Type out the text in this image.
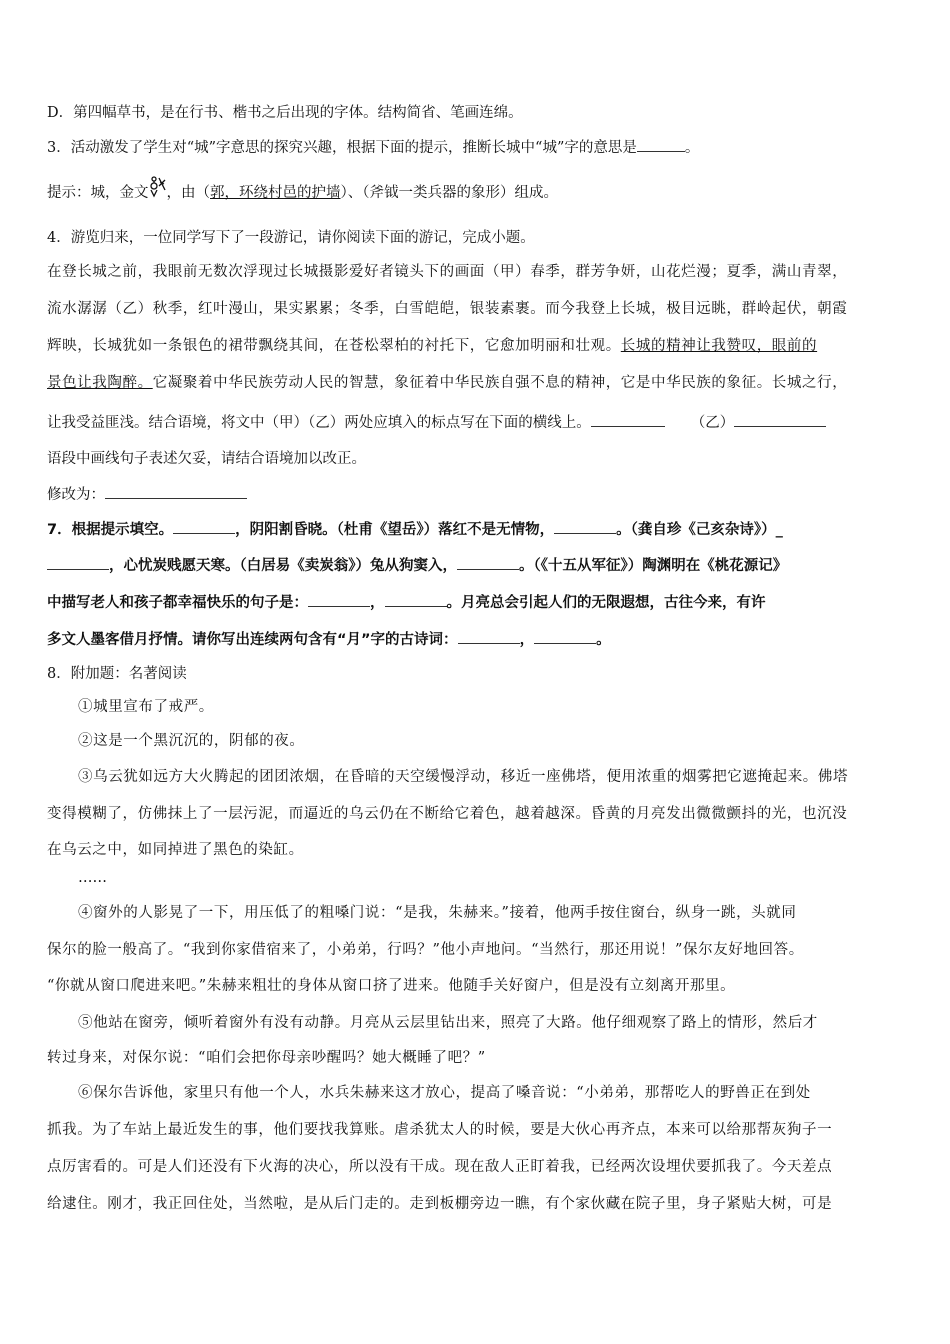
D．第四幅草书，是在行书、楷书之后出现的字体。结构简省、笔画连绵。
3．活动激发了学生对“城”字意思的探究兴趣，根据下面的提示，推断长城中“城”字的意思是	。
提示：城，金文 ，由（郭，环绕村邑的护墙）、（斧钺一类兵器的象形）组成。
4．游览归来，一位同学写下了一段游记，请你阅读下面的游记，完成小题。
在登长城之前，我眼前无数次浮现过长城摄影爱好者镜头下的画面（甲）春季，群芳争妍，山花烂漫；夏季，满山青翠，
流水潺潺（乙）秋季，红叶漫山，果实累累；冬季，白雪皑皑，银装素裹。而今我登上长城，极目远眺，群岭起伏，朝霞
辉映，长城犹如一条银色的裙带飘绕其间，在苍松翠柏的衬托下，它愈加明丽和壮观。长城的精神让我赞叹，眼前的
景色让我陶醉。它凝聚着中华民族劳动人民的智慧，象征着中华民族自强不息的精神，它是中华民族的象征。长城之行，
让我受益匪浅。结合语境，将文中（甲）（乙）两处应填入的标点写在下面的横线上。	（乙）
语段中画线句子表述欠妥，请结合语境加以改正。
修改为：
7．根据提示填空。	，阴阳割昏晓。（杜甫《望岳》）落红不是无情物，	。（龚自珍《己亥杂诗》）_
，心忧炭贱愿天寒。（白居易《卖炭翁》）兔从狗窦入，	。（《十五从军征》）陶渊明在《桃花源记》
中描写老人和孩子都幸福快乐的句子是：	，	。月亮总会引起人们的无限遐想，古往今来，有许
多文人墨客借月抒情。请你写出连续两句含有“月”字的古诗词：	，	。
8．附加题：名著阅读
①城里宣布了戒严。
②这是一个黑沉沉的，阴郁的夜。
③乌云犹如远方大火腾起的团团浓烟，在昏暗的天空缓慢浮动，移近一座佛塔，便用浓重的烟雾把它遮掩起来。佛塔
变得模糊了，仿佛抹上了一层污泥，而逼近的乌云仍在不断给它着色，越着越深。昏黄的月亮发出微微颤抖的光，也沉没
在乌云之中，如同掉进了黑色的染缸。
……
④窗外的人影晃了一下，用压低了的粗嗓门说：“是我，朱赫来。”接着，他两手按住窗台，纵身一跳，头就同
保尔的脸一般高了。“我到你家借宿来了，小弟弟，行吗？”他小声地问。“当然行，那还用说！”保尔友好地回答。
“你就从窗口爬进来吧。”朱赫来粗壮的身体从窗口挤了进来。他随手关好窗户，但是没有立刻离开那里。
⑤他站在窗旁，倾听着窗外有没有动静。月亮从云层里钻出来，照亮了大路。他仔细观察了路上的情形，然后才
转过身来，对保尔说：“咱们会把你母亲吵醒吗？她大概睡了吧？”
⑥保尔告诉他，家里只有他一个人，水兵朱赫来这才放心，提高了嗓音说：“小弟弟，那帮吃人的野兽正在到处
抓我。为了车站上最近发生的事，他们要找我算账。虐杀犹太人的时候，要是大伙心再齐点，本来可以给那帮灰狗子一
点厉害看的。可是人们还没有下火海的决心，所以没有干成。现在敌人正盯着我，已经两次设埋伏要抓我了。今天差点
给逮住。刚才，我正回住处，当然啦，是从后门走的。走到板棚旁边一瞧，有个家伙藏在院子里，身子紧贴大树，可是
